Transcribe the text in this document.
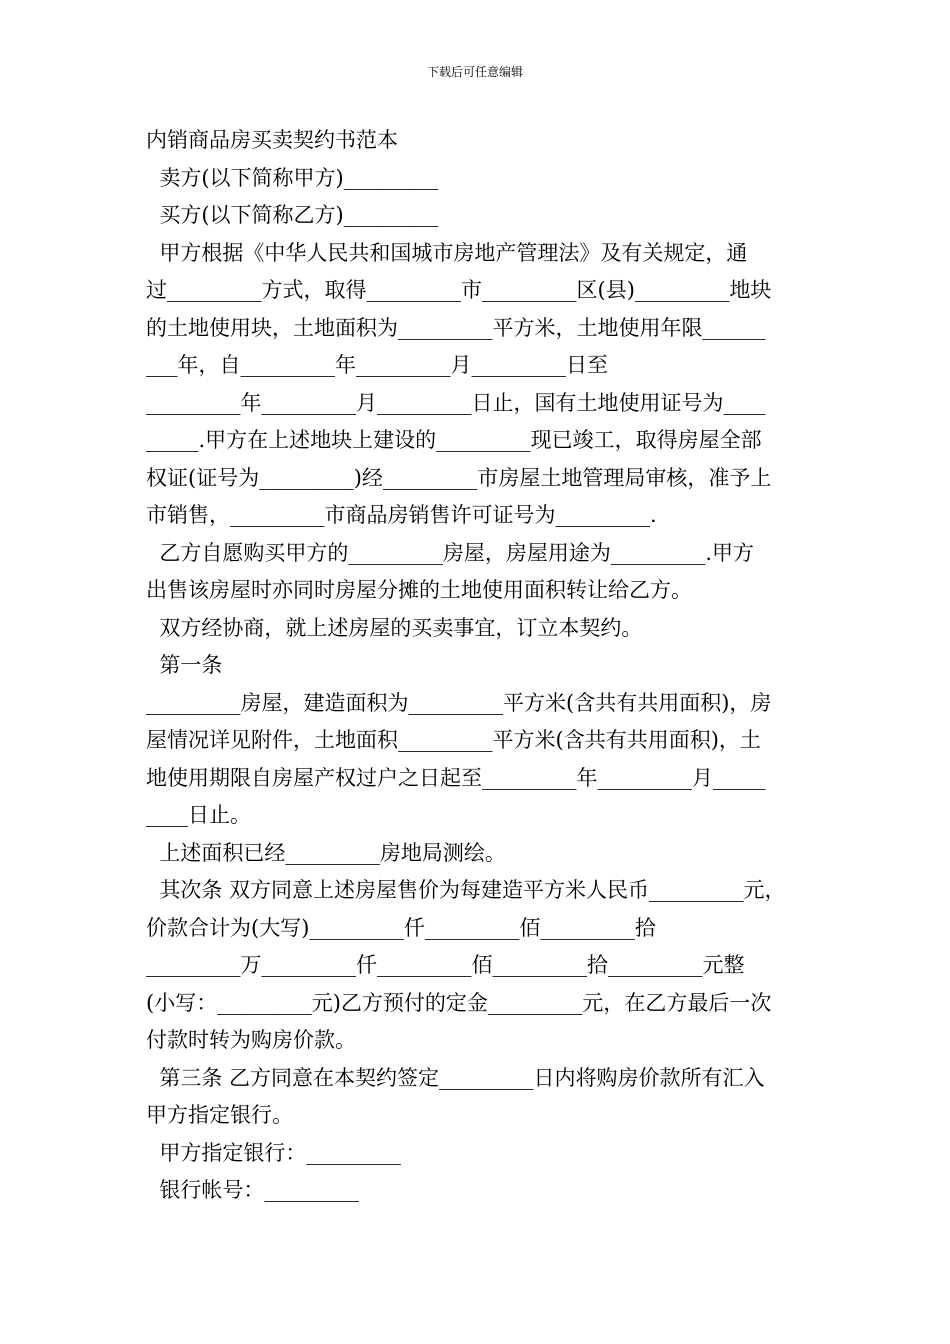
下载后可任意编辑
内销商品房买卖契约书范本
卖方(以下简称甲方)_________
买方(以下简称乙方)_________
甲方根据《中华人民共和国城市房地产管理法》及有关规定，通
过_________方式，取得_________市_________区(县)_________地块
的土地使用块，土地面积为_________平方米，土地使用年限______
___年，自_________年_________月_________日至
_________年_________月_________日止，国有土地使用证号为____
_____.甲方在上述地块上建设的_________现已竣工，取得房屋全部
权证(证号为_________)经_________市房屋土地管理局审核，准予上
市销售，_________市商品房销售许可证号为_________.
乙方自愿购买甲方的_________房屋，房屋用途为_________.甲方
出售该房屋时亦同时房屋分摊的土地使用面积转让给乙方。
双方经协商，就上述房屋的买卖事宜，订立本契约。
第一条
_________房屋，建造面积为_________平方米(含共有共用面积)，房
屋情况详见附件，土地面积_________平方米(含共有共用面积)，土
地使用期限自房屋产权过户之日起至_________年_________月_____
____日止。
上述面积已经_________房地局测绘。
其次条 双方同意上述房屋售价为每建造平方米人民币_________元，
价款合计为(大写)_________仟_________佰_________拾
_________万_________仟_________佰_________拾_________元整
(小写：_________元)乙方预付的定金_________元，在乙方最后一次
付款时转为购房价款。
第三条 乙方同意在本契约签定_________日内将购房价款所有汇入
甲方指定银行。
甲方指定银行：_________
银行帐号：_________
